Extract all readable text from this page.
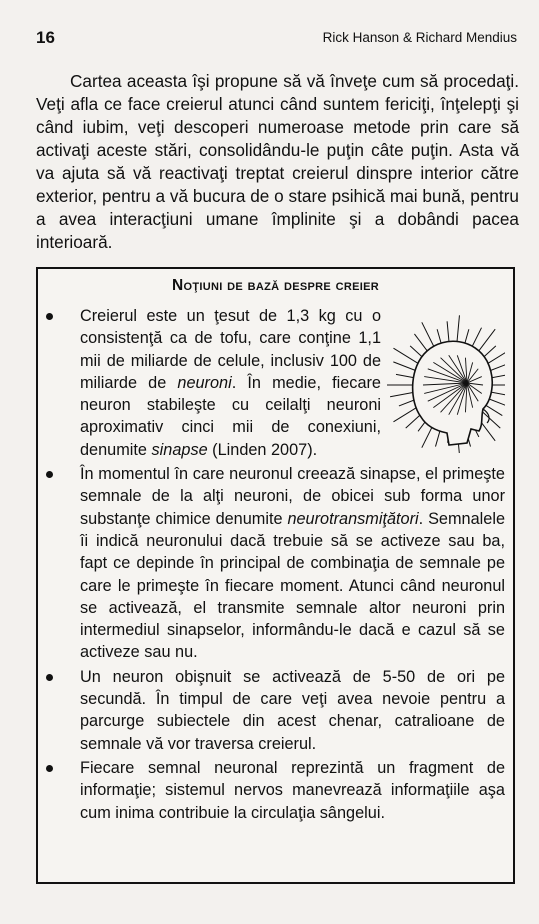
16	Rick Hanson & Richard Mendius

Cartea aceasta îşi propune să vă înveţe cum să procedaţi. Veţi afla ce face creierul atunci când suntem fericiţi, înţelepţi şi când iubim, veţi descoperi numeroase metode prin care să activaţi aceste stări, consolidându-le puţin câte puţin. Asta vă va ajuta să vă reactivaţi treptat creierul dinspre interior către exterior, pentru a vă bucura de o stare psihică mai bună, pentru a avea interacţiuni umane împlinite şi a dobândi pacea interioară.

Noţiuni de bază despre creier
Creierul este un ţesut de 1,3 kg cu o consistenţă ca de tofu, care conţine 1,1 mii de miliarde de celule, inclusiv 100 de miliarde de neuroni. În medie, fiecare neuron stabileşte cu ceilalţi neuroni aproximativ cinci mii de conexiuni, denumite sinapse (Linden 2007).
În momentul în care neuronul creează sinapse, el primeşte semnale de la alţi neuroni, de obicei sub forma unor substanţe chimice denumite neurotransmiţători. Semnalele îi indică neuronului dacă trebuie să se activeze sau ba, fapt ce depinde în principal de combinaţia de semnale pe care le primeşte în fiecare moment. Atunci când neuronul se activează, el transmite semnale altor neuroni prin intermediul sinapselor, informându-le dacă e cazul să se activeze sau nu.
Un neuron obişnuit se activează de 5-50 de ori pe secundă. În timpul de care veţi avea nevoie pentru a parcurge subiectele din acest chenar, catralioane de semnale vă vor traversa creierul.
Fiecare semnal neuronal reprezintă un fragment de informaţie; sistemul nervos manevrează informaţiile aşa cum inima contribuie la circulaţia sângelui.
